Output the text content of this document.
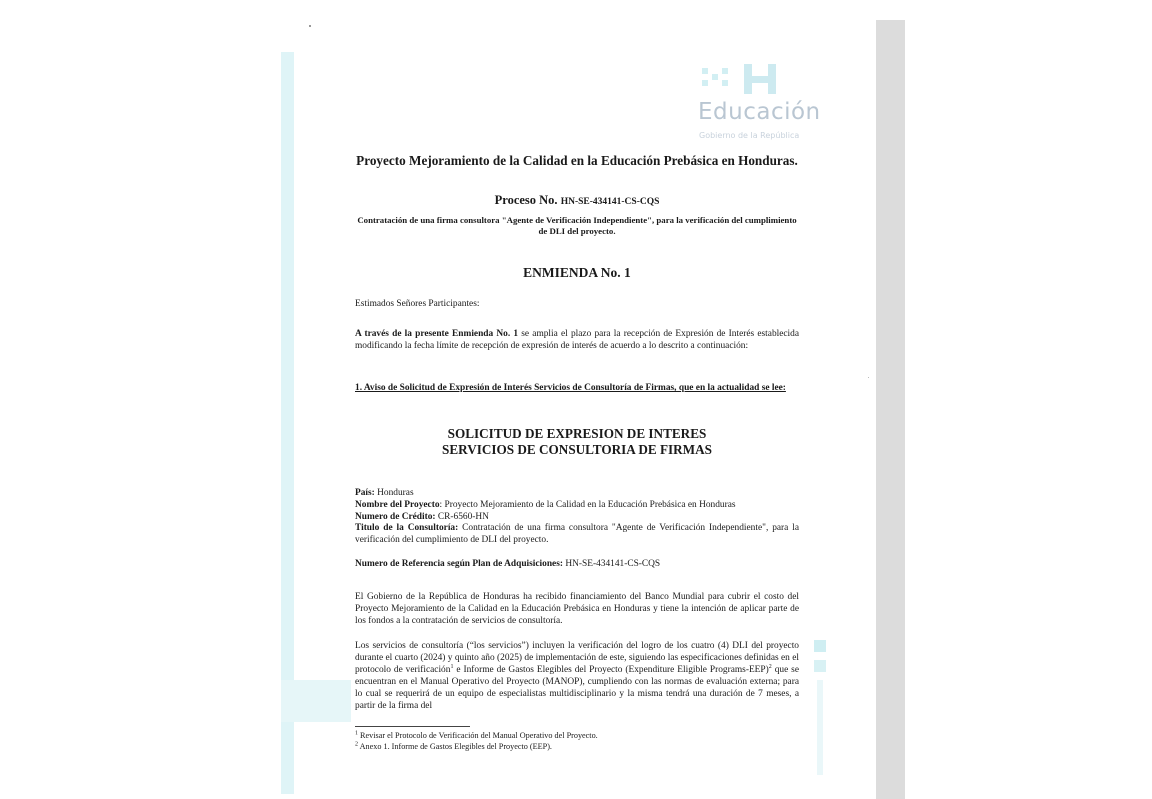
Educación
Gobierno de la República
Proyecto Mejoramiento de la Calidad en la Educación Prebásica en Honduras.
Proceso No. HN-SE-434141-CS-CQS
Contratación de una firma consultora "Agente de Verificación Independiente", para la verificación del cumplimiento de DLI del proyecto.
ENMIENDA No. 1
Estimados Señores Participantes:
A través de la presente Enmienda No. 1 se amplia el plazo para la recepción de Expresión de Interés establecida modificando la fecha límite de recepción de expresión de interés de acuerdo a lo descrito a continuación:
1. Aviso de Solicitud de Expresión de Interés Servicios de Consultoría de Firmas, que en la actualidad se lee:
SOLICITUD DE EXPRESION DE INTERES
SERVICIOS DE CONSULTORIA DE FIRMAS
País: Honduras
Nombre del Proyecto: Proyecto Mejoramiento de la Calidad en la Educación Prebásica en Honduras
Numero de Crédito: CR-6560-HN
Titulo de la Consultoría: Contratación de una firma consultora "Agente de Verificación Independiente", para la verificación del cumplimiento de DLI del proyecto.
Numero de Referencia según Plan de Adquisiciones: HN-SE-434141-CS-CQS
El Gobierno de la República de Honduras ha recibido financiamiento del Banco Mundial para cubrir el costo del Proyecto Mejoramiento de la Calidad en la Educación Prebásica en Honduras y tiene la intención de aplicar parte de los fondos a la contratación de servicios de consultoría.
Los servicios de consultoría (“los servicios”) incluyen la verificación del logro de los cuatro (4) DLI del proyecto durante el cuarto (2024) y quinto año (2025) de implementación de este, siguiendo las especificaciones definidas en el protocolo de verificación$^1$ e Informe de Gastos Elegibles del Proyecto (Expenditure Eligible Programs-EEP)$^2$ que se encuentran en el Manual Operativo del Proyecto (MANOP), cumpliendo con las normas de evaluación externa; para lo cual se requerirá de un equipo de especialistas multidisciplinario y la misma tendrá una duración de 7 meses, a partir de la firma del
$^1$ Revisar el Protocolo de Verificación del Manual Operativo del Proyecto.
$^2$ Anexo 1. Informe de Gastos Elegibles del Proyecto (EEP).
